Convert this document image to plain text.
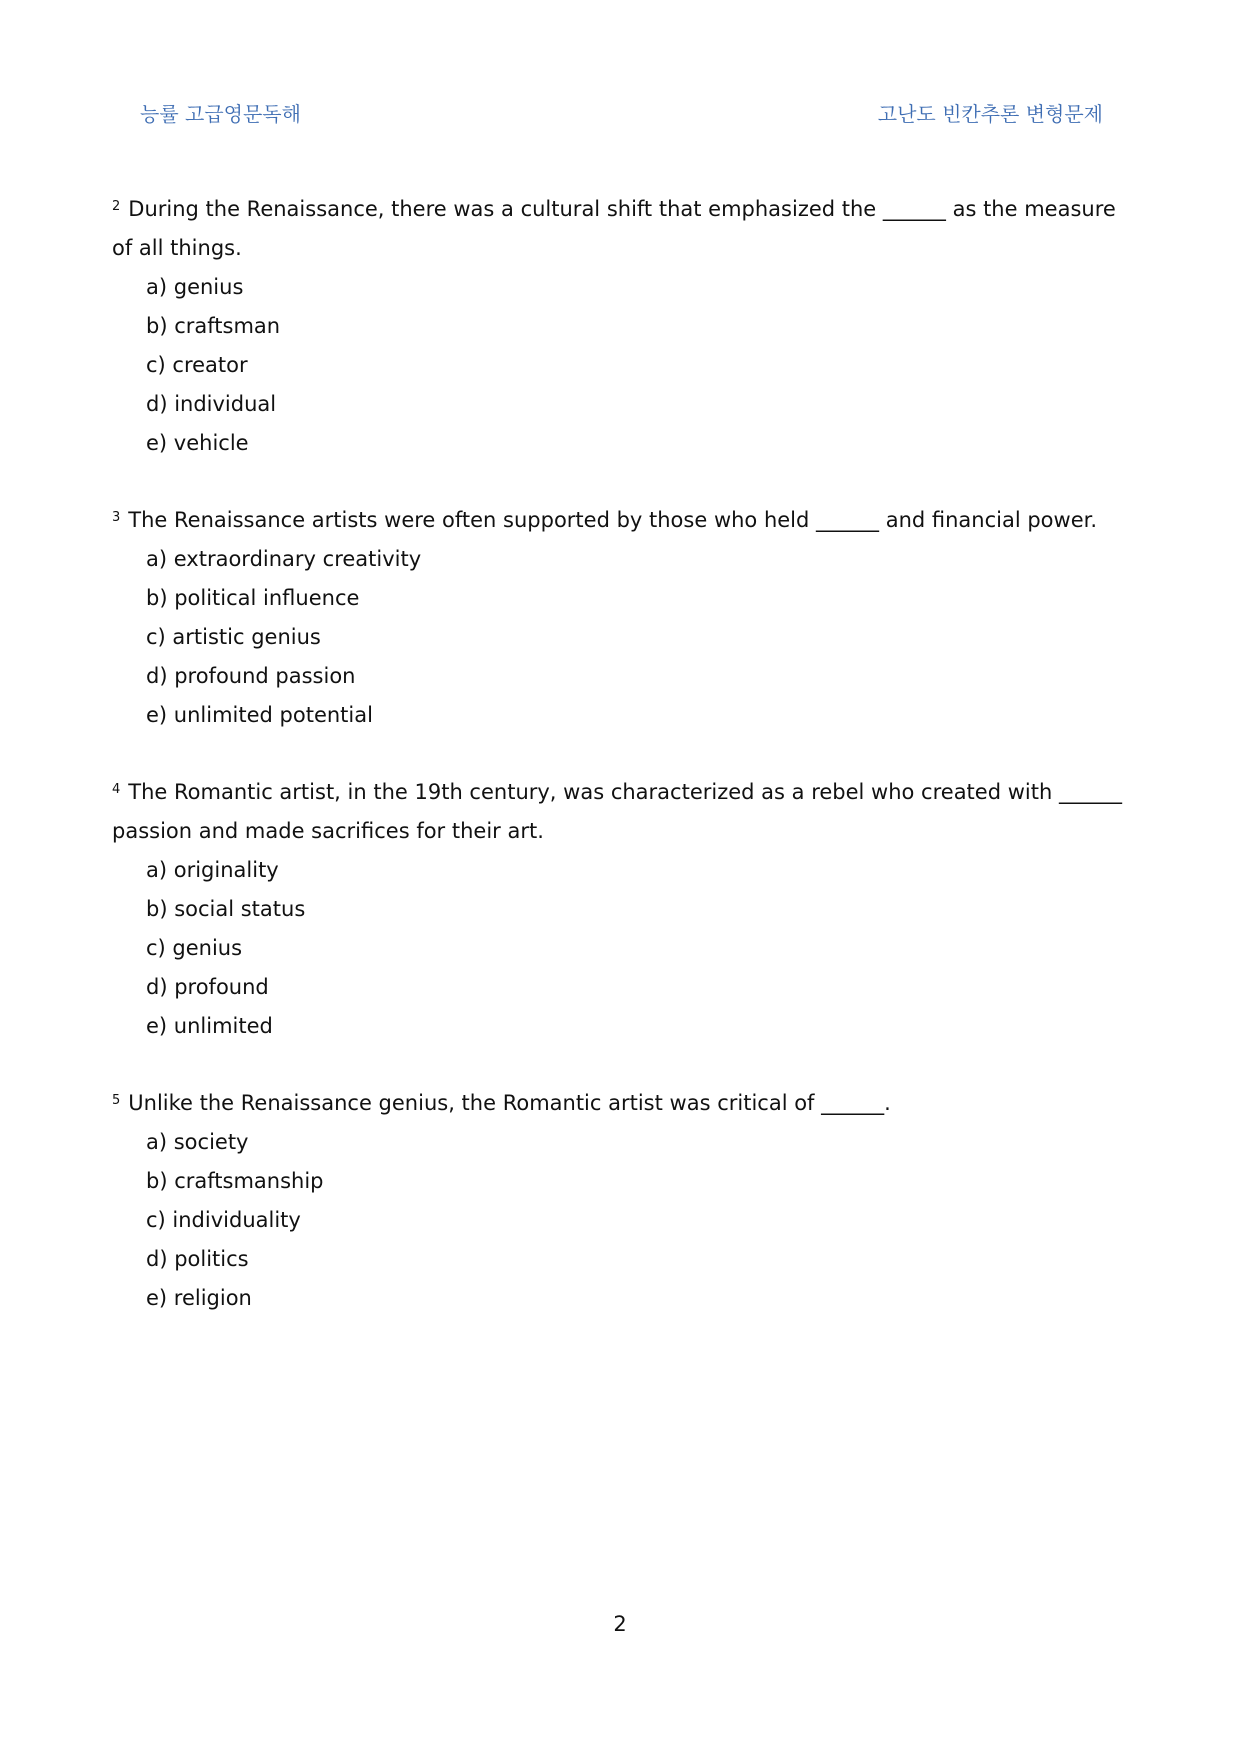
능률 고급영문독해	고난도 빈칸추론 변형문제

$^2$ During the Renaissance, there was a cultural shift that emphasized the ______ as the measure of all things.

a) genius
b) craftsman
c) creator
d) individual
e) vehicle

$^3$ The Renaissance artists were often supported by those who held ______ and financial power.

a) extraordinary creativity
b) political influence
c) artistic genius
d) profound passion
e) unlimited potential

$^4$ The Romantic artist, in the 19th century, was characterized as a rebel who created with ______ passion and made sacrifices for their art.

a) originality
b) social status
c) genius
d) profound
e) unlimited

$^5$ Unlike the Renaissance genius, the Romantic artist was critical of ______.

a) society
b) craftsmanship
c) individuality
d) politics
e) religion
2
